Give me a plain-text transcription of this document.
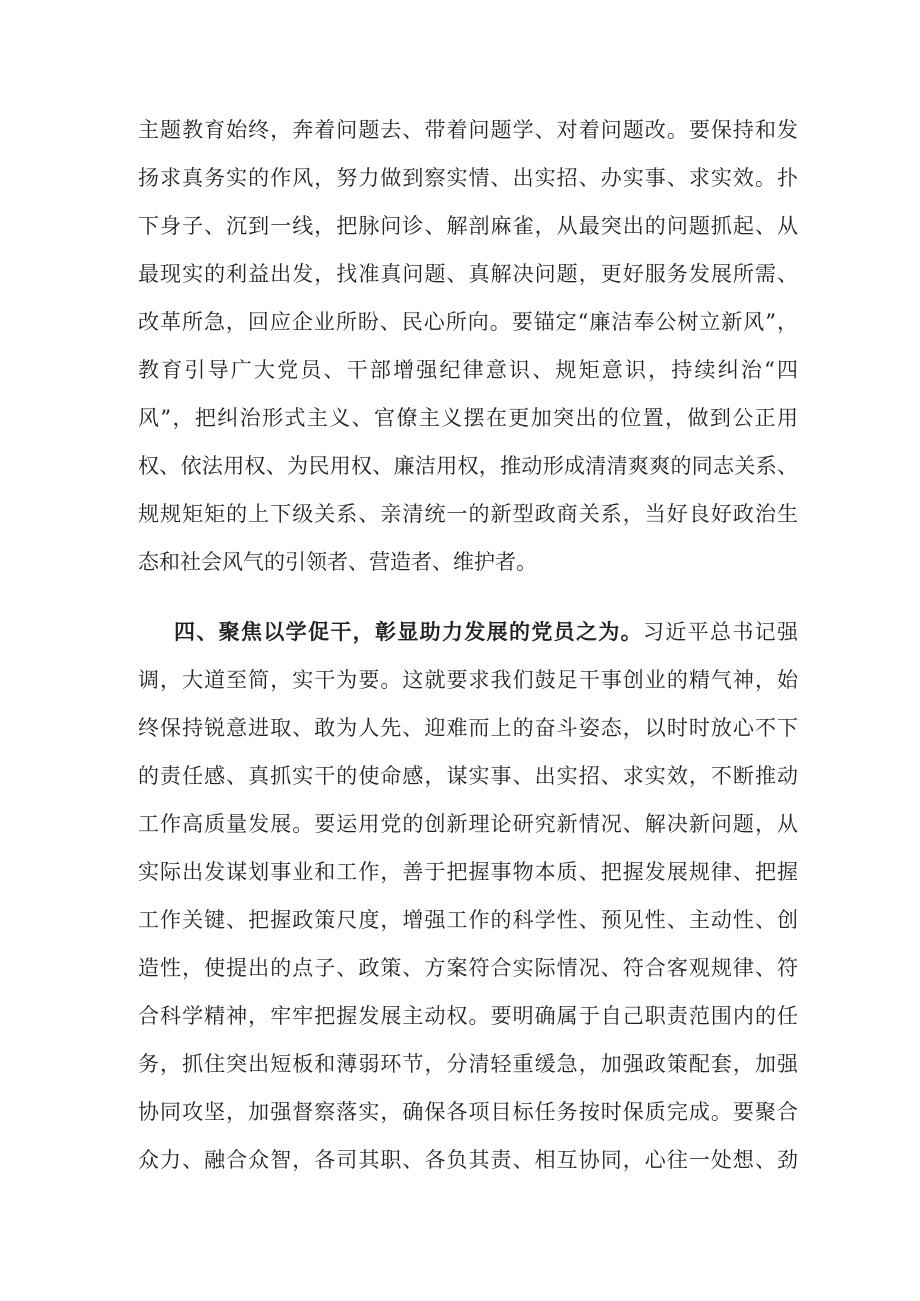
主题教育始终，奔着问题去、带着问题学、对着问题改。要保持和发
扬求真务实的作风，努力做到察实情、出实招、办实事、求实效。扑
下身子、沉到一线，把脉问诊、解剖麻雀，从最突出的问题抓起、从
最现实的利益出发，找准真问题、真解决问题，更好服务发展所需、
改革所急，回应企业所盼、民心所向。要锚定“廉洁奉公树立新风”，
教育引导广大党员、干部增强纪律意识、规矩意识，持续纠治“四
风”，把纠治形式主义、官僚主义摆在更加突出的位置，做到公正用
权、依法用权、为民用权、廉洁用权，推动形成清清爽爽的同志关系、
规规矩矩的上下级关系、亲清统一的新型政商关系，当好良好政治生
态和社会风气的引领者、营造者、维护者。
四、聚焦以学促干，彰显助力发展的党员之为。习近平总书记强
调，大道至简，实干为要。这就要求我们鼓足干事创业的精气神，始
终保持锐意进取、敢为人先、迎难而上的奋斗姿态，以时时放心不下
的责任感、真抓实干的使命感，谋实事、出实招、求实效，不断推动
工作高质量发展。要运用党的创新理论研究新情况、解决新问题，从
实际出发谋划事业和工作，善于把握事物本质、把握发展规律、把握
工作关键、把握政策尺度，增强工作的科学性、预见性、主动性、创
造性，使提出的点子、政策、方案符合实际情况、符合客观规律、符
合科学精神，牢牢把握发展主动权。要明确属于自己职责范围内的任
务，抓住突出短板和薄弱环节，分清轻重缓急，加强政策配套，加强
协同攻坚，加强督察落实，确保各项目标任务按时保质完成。要聚合
众力、融合众智，各司其职、各负其责、相互协同，心往一处想、劲
